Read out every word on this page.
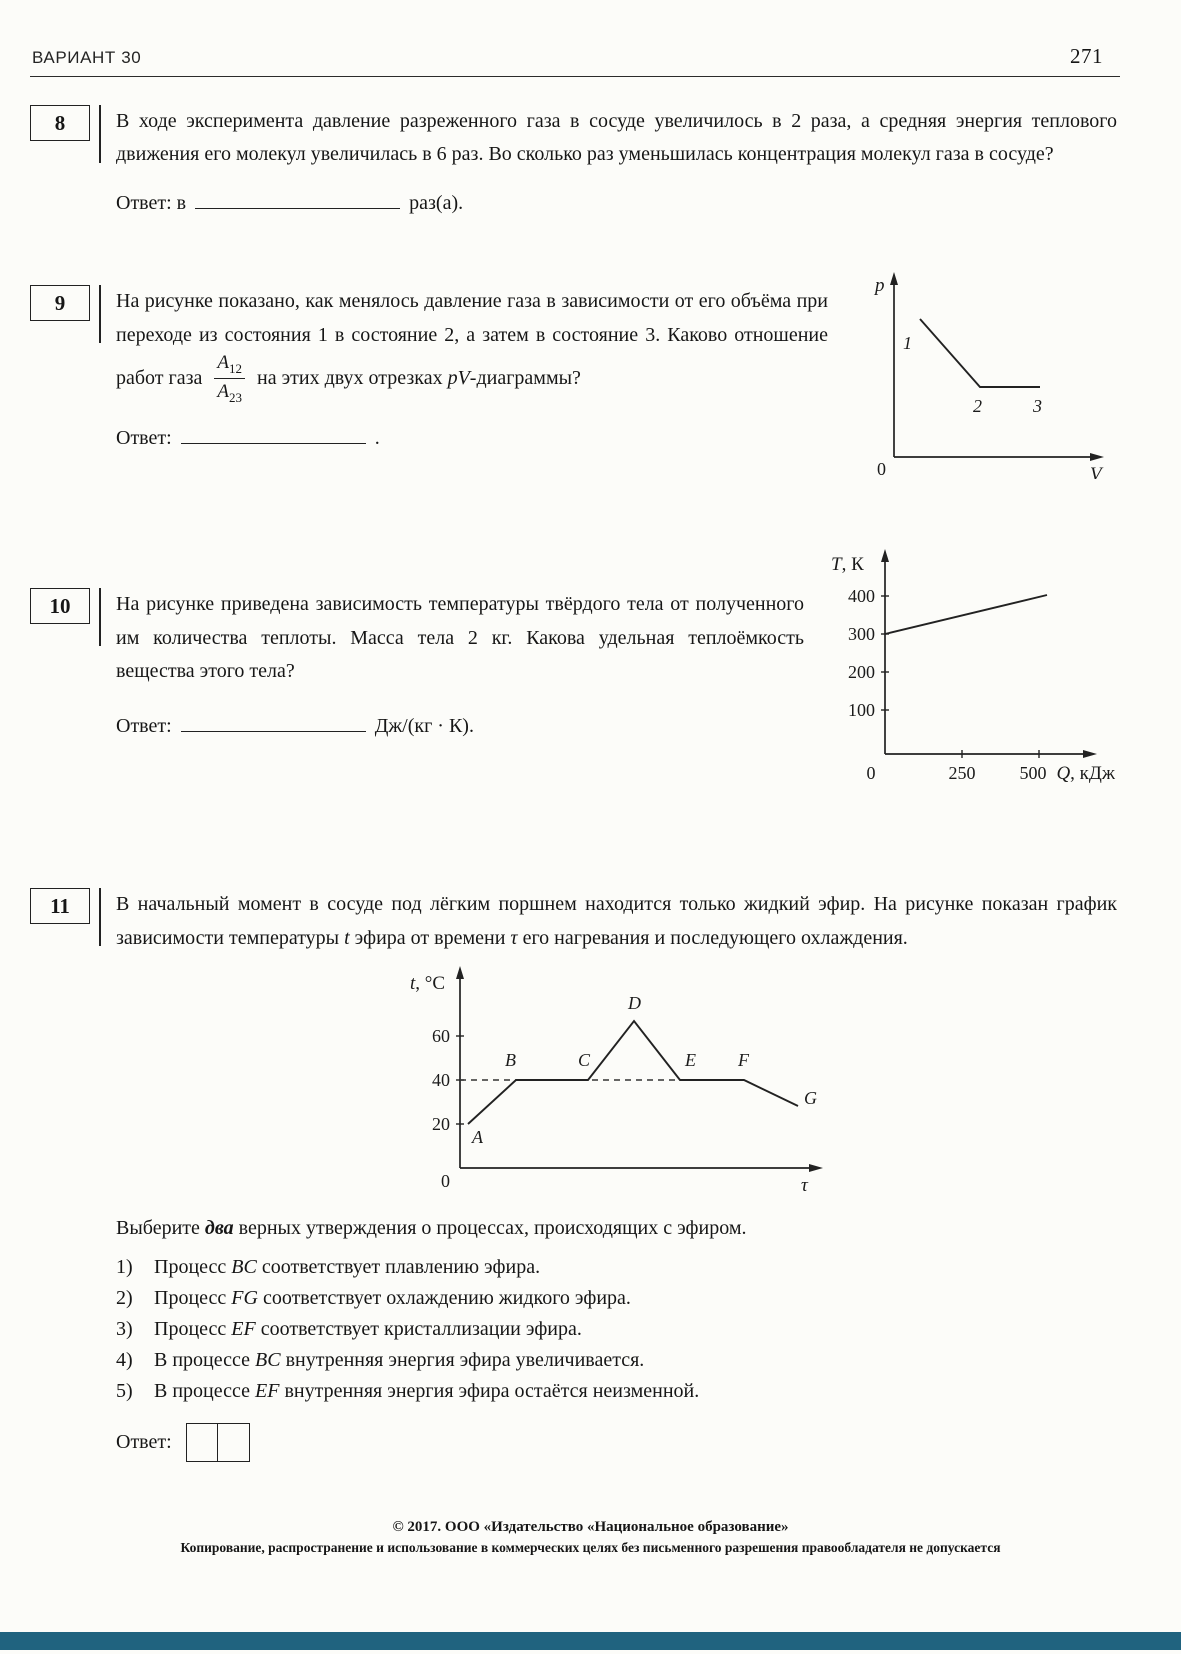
ВАРИАНТ 30	271
8	В ходе эксперимента давление разреженного газа в сосуде увеличилось в 2 раза, а средняя энергия теплового движения его молекул увеличилась в 6 раз. Во сколько раз уменьшилась концентрация молекул газа в сосуде?

Ответ: в	раз(а).
9	На рисунке показано, как менялось давление газа в зависимости от его объёма при переходе из состояния 1 в состояние 2, а затем в состояние 3. Каково отношение работ газа $\frac{A_{12}}{A_{23}}$ на этих двух отрезках pV-диаграммы?

Ответ:	.
p
V
0
1
2	3
10 На рисунке приведена зависимость температуры твёрдого тела от полученного им количества теплоты. Масса тела 2 кг. Какова удельная теплоёмкость вещества этого тела?

Ответ:	Дж/(кг · К).
T, К
400
300
200
100
0	250 500 Q, кДж
11 В начальный момент в сосуде под лёгким поршнем находится только жидкий эфир. На рисунке показан график зависимости температуры t эфира от времени τ его нагревания и последующего охлаждения.

t, °C
60
40
20
0
A
B	C
D
E F
G
τ

Выберите два верных утверждения о процессах, происходящих с эфиром.

1)	Процесс BC соответствует плавлению эфира.
2)	Процесс FG соответствует охлаждению жидкого эфира.
3)	Процесс EF соответствует кристаллизации эфира.
4)	В процессе BC внутренняя энергия эфира увеличивается.
5)	В процессе EF внутренняя энергия эфира остаётся неизменной.
Ответ:
© 2017. ООО «Издательство «Национальное образование»
Копирование, распространение и использование в коммерческих целях без письменного разрешения правообладателя не допускается
